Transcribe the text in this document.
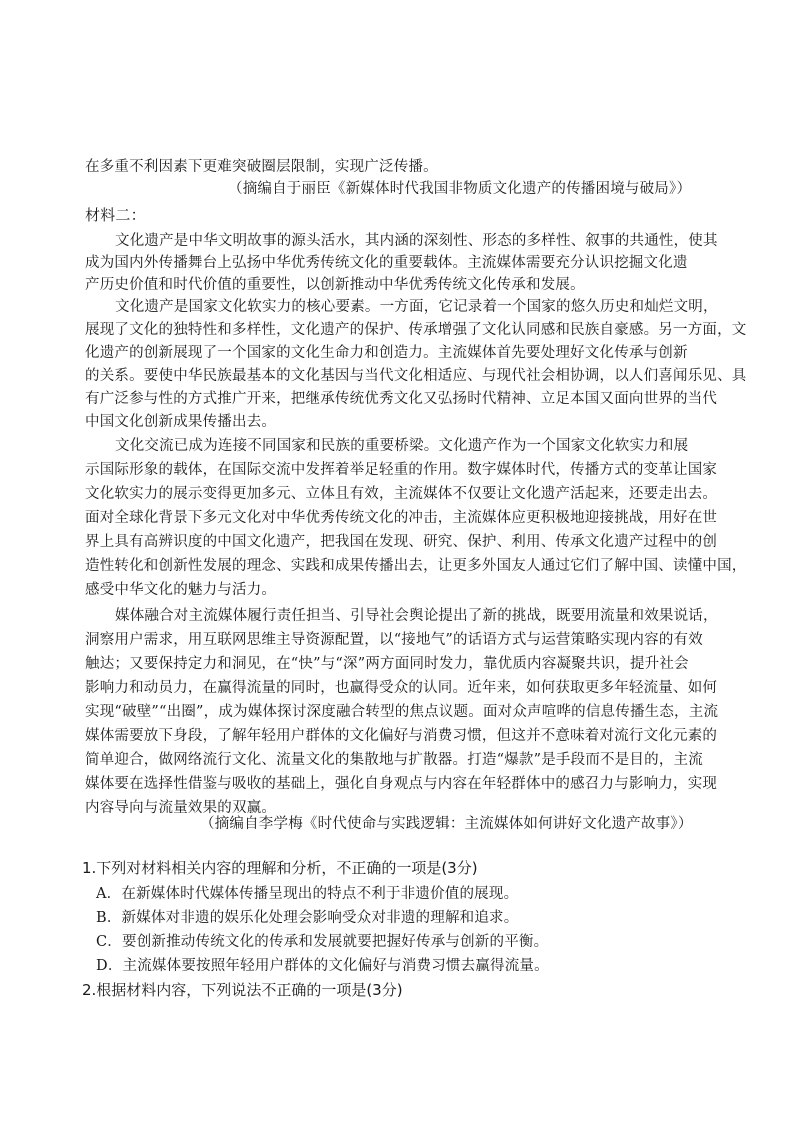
在多重不利因素下更难突破圈层限制，实现广泛传播。
（摘编自于丽臣《新媒体时代我国非物质文化遗产的传播困境与破局》）
材料二：
文化遗产是中华文明故事的源头活水，其内涵的深刻性、形态的多样性、叙事的共通性，使其
成为国内外传播舞台上弘扬中华优秀传统文化的重要载体。主流媒体需要充分认识挖掘文化遗
产历史价值和时代价值的重要性，以创新推动中华优秀传统文化传承和发展。
文化遗产是国家文化软实力的核心要素。一方面，它记录着一个国家的悠久历史和灿烂文明，
展现了文化的独特性和多样性，文化遗产的保护、传承增强了文化认同感和民族自豪感。另一方面，文
化遗产的创新展现了一个国家的文化生命力和创造力。主流媒体首先要处理好文化传承与创新
的关系。要使中华民族最基本的文化基因与当代文化相适应、与现代社会相协调，以人们喜闻乐见、具
有广泛参与性的方式推广开来，把继承传统优秀文化又弘扬时代精神、立足本国又面向世界的当代
中国文化创新成果传播出去。
文化交流已成为连接不同国家和民族的重要桥梁。文化遗产作为一个国家文化软实力和展
示国际形象的载体，在国际交流中发挥着举足轻重的作用。数字媒体时代，传播方式的变革让国家
文化软实力的展示变得更加多元、立体且有效，主流媒体不仅要让文化遗产活起来，还要走出去。
面对全球化背景下多元文化对中华优秀传统文化的冲击，主流媒体应更积极地迎接挑战，用好在世
界上具有高辨识度的中国文化遗产，把我国在发现、研究、保护、利用、传承文化遗产过程中的创
造性转化和创新性发展的理念、实践和成果传播出去，让更多外国友人通过它们了解中国、读懂中国，
感受中华文化的魅力与活力。
媒体融合对主流媒体履行责任担当、引导社会舆论提出了新的挑战，既要用流量和效果说话，
洞察用户需求，用互联网思维主导资源配置，以“接地气”的话语方式与运营策略实现内容的有效
触达；又要保持定力和洞见，在“快”与“深”两方面同时发力，靠优质内容凝聚共识，提升社会
影响力和动员力，在赢得流量的同时，也赢得受众的认同。近年来，如何获取更多年轻流量、如何
实现“破壁”“出圈”，成为媒体探讨深度融合转型的焦点议题。面对众声喧哗的信息传播生态，主流
媒体需要放下身段，了解年轻用户群体的文化偏好与消费习惯，但这并不意味着对流行文化元素的
简单迎合，做网络流行文化、流量文化的集散地与扩散器。打造“爆款”是手段而不是目的，主流
媒体要在选择性借鉴与吸收的基础上，强化自身观点与内容在年轻群体中的感召力与影响力，实现
内容导向与流量效果的双赢。
（摘编自李学梅《时代使命与实践逻辑：主流媒体如何讲好文化遗产故事》）
1.下列对材料相关内容的理解和分析，不正确的一项是(3分)
A．在新媒体时代媒体传播呈现出的特点不利于非遗价值的展现。
B．新媒体对非遗的娱乐化处理会影响受众对非遗的理解和追求。
C．要创新推动传统文化的传承和发展就要把握好传承与创新的平衡。
D．主流媒体要按照年轻用户群体的文化偏好与消费习惯去赢得流量。
2.根据材料内容，下列说法不正确的一项是(3分)
